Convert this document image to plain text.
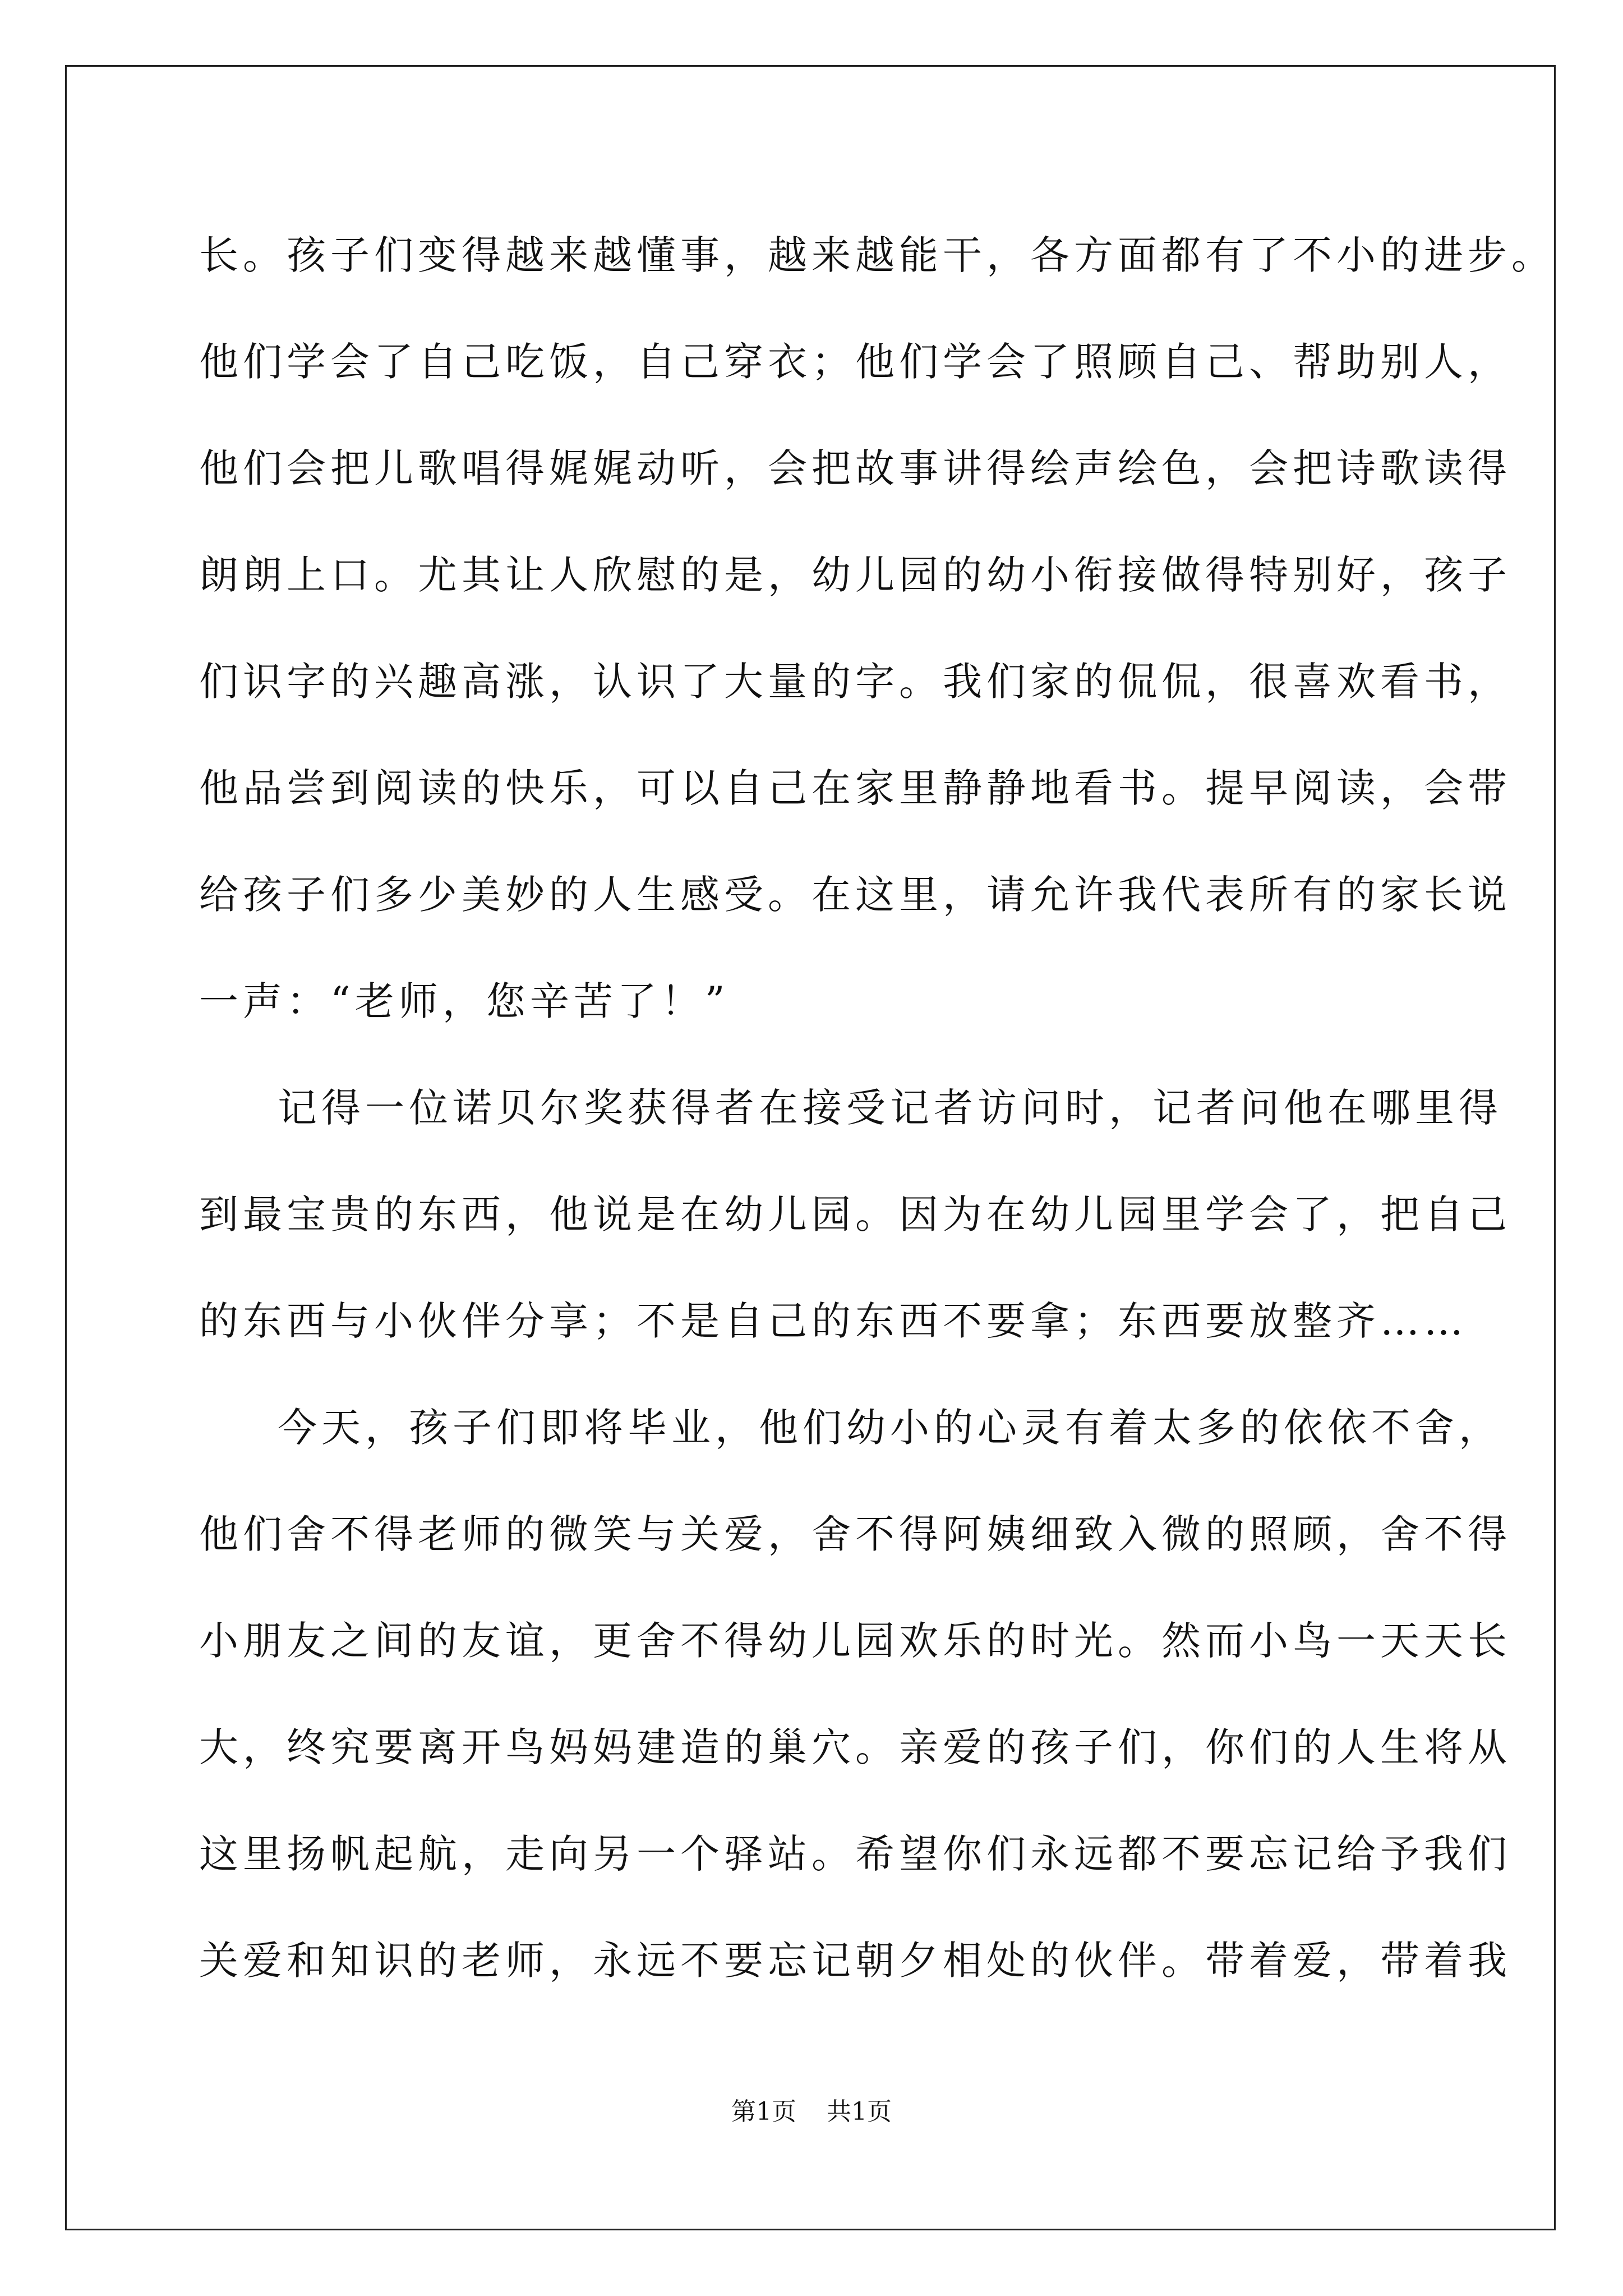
长。孩子们变得越来越懂事，越来越能干，各方面都有了不小的进步。
他们学会了自己吃饭，自己穿衣；他们学会了照顾自己、帮助别人，
他们会把儿歌唱得娓娓动听，会把故事讲得绘声绘色，会把诗歌读得
朗朗上口。尤其让人欣慰的是，幼儿园的幼小衔接做得特别好，孩子
们识字的兴趣高涨，认识了大量的字。我们家的侃侃，很喜欢看书，
他品尝到阅读的快乐，可以自己在家里静静地看书。提早阅读，会带
给孩子们多少美妙的人生感受。在这里，请允许我代表所有的家长说
一声：“老师，您辛苦了！”
记得一位诺贝尔奖获得者在接受记者访问时，记者问他在哪里得
到最宝贵的东西，他说是在幼儿园。因为在幼儿园里学会了，把自己
的东西与小伙伴分享；不是自己的东西不要拿；东西要放整齐……
今天，孩子们即将毕业，他们幼小的心灵有着太多的依依不舍，
他们舍不得老师的微笑与关爱，舍不得阿姨细致入微的照顾，舍不得
小朋友之间的友谊，更舍不得幼儿园欢乐的时光。然而小鸟一天天长
大，终究要离开鸟妈妈建造的巢穴。亲爱的孩子们，你们的人生将从
这里扬帆起航，走向另一个驿站。希望你们永远都不要忘记给予我们
关爱和知识的老师，永远不要忘记朝夕相处的伙伴。带着爱，带着我
第1页 共1页
